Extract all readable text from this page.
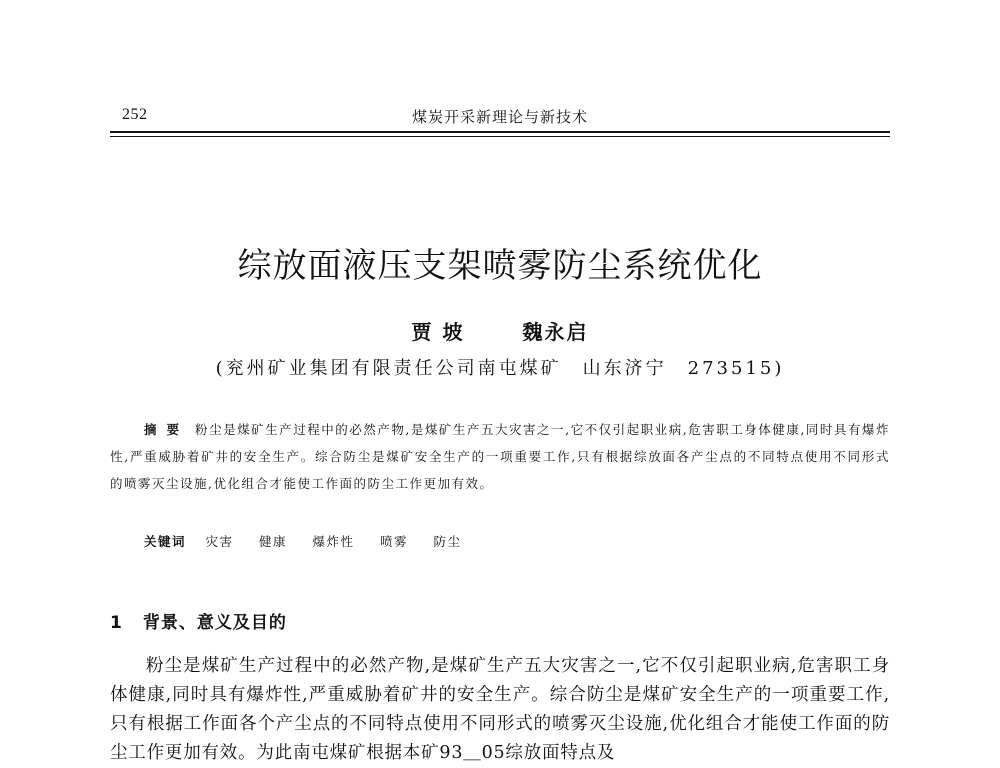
252	煤炭开采新理论与新技术
综放面液压支架喷雾防尘系统优化
贾 坡	魏永启
(兖州矿业集团有限责任公司南屯煤矿　山东济宁　273515)
摘要 粉尘是煤矿生产过程中的必然产物,是煤矿生产五大灾害之一,它不仅引起职业病,危害职工身体健康,同时具有爆炸性,严重威胁着矿井的安全生产。综合防尘是煤矿安全生产的一项重要工作,只有根据综放面各产尘点的不同特点使用不同形式的喷雾灭尘设施,优化组合才能使工作面的防尘工作更加有效。
关键词 灾害 健康 爆炸性 喷雾 防尘
1 背景、意义及目的

粉尘是煤矿生产过程中的必然产物,是煤矿生产五大灾害之一,它不仅引起职业病,危害职工身体健康,同时具有爆炸性,严重威胁着矿井的安全生产。综合防尘是煤矿安全生产的一项重要工作,只有根据工作面各个产尘点的不同特点使用不同形式的喷雾灭尘设施,优化组合才能使工作面的防尘工作更加有效。为此南屯煤矿根据本矿93＿05综放面特点及
